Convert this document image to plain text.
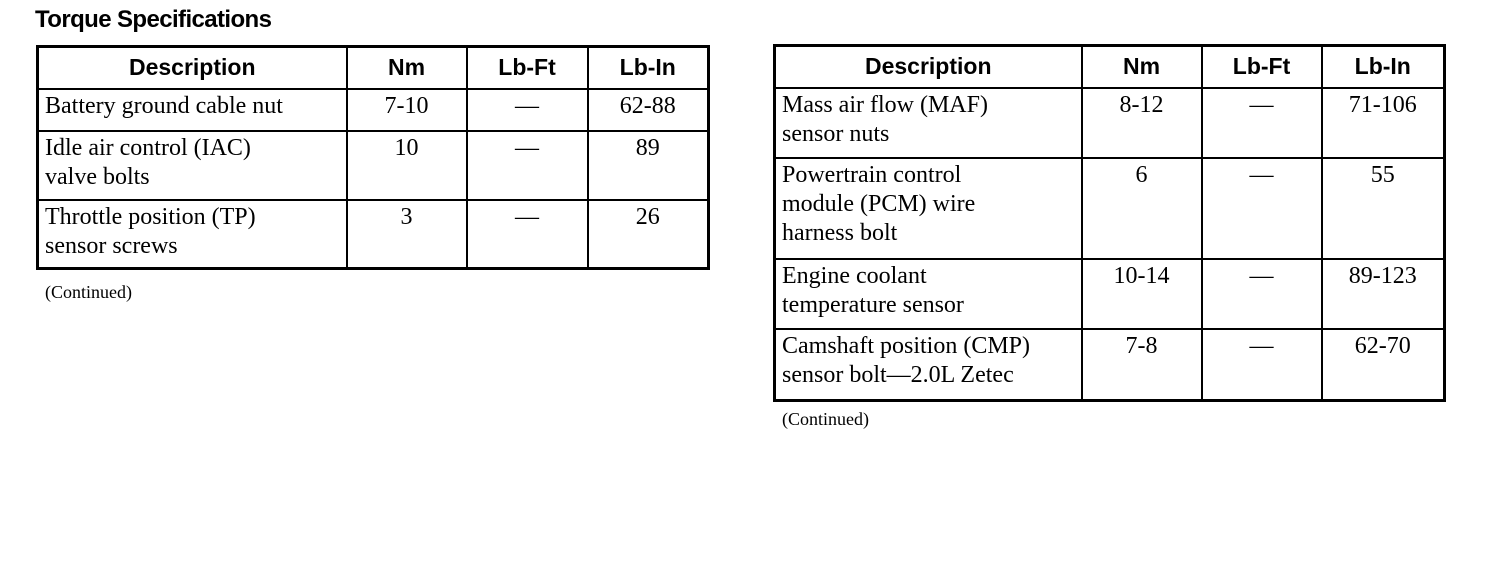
Torque Specifications
Description	Nm	Lb-Ft	Lb-In

Battery ground cable nut	7-10	—	62-88

Idle air control (IAC)
valve bolts	10	—	89

Throttle position (TP)
sensor screws	3	—	26
(Continued)
Description	Nm	Lb-Ft	Lb-In

Mass air flow (MAF)
sensor nuts	8-12	—	71-106

Powertrain control
module (PCM) wire
harness bolt	6	—	55

Engine coolant
temperature sensor	10-14	—	89-123

Camshaft position (CMP)
sensor bolt—2.0L Zetec	7-8	—	62-70
(Continued)
